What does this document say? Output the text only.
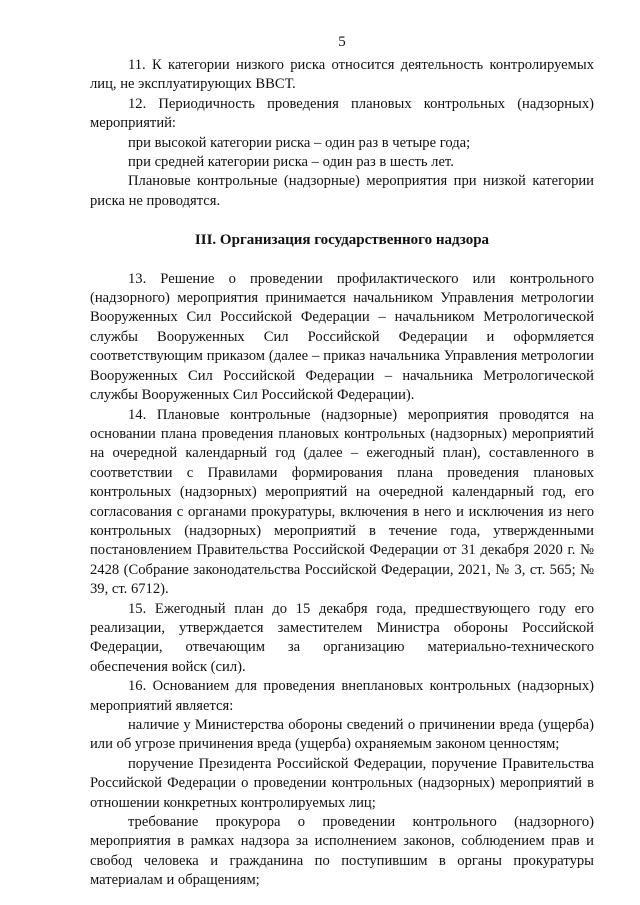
5

11. К категории низкого риска относится деятельность контролируемых лиц, не эксплуатирующих ВВСТ.

12. Периодичность проведения плановых контрольных (надзорных) мероприятий:

при высокой категории риска – один раз в четыре года;

при средней категории риска – один раз в шесть лет.

Плановые контрольные (надзорные) мероприятия при низкой категории риска не проводятся.

III. Организация государственного надзора

13. Решение о проведении профилактического или контрольного (надзорного) мероприятия принимается начальником Управления метрологии Вооруженных Сил Российской Федерации – начальником Метрологической службы Вооруженных Сил Российской Федерации и оформляется соответствующим приказом (далее – приказ начальника Управления метрологии Вооруженных Сил Российской Федерации – начальника Метрологической службы Вооруженных Сил Российской Федерации).

14. Плановые контрольные (надзорные) мероприятия проводятся на основании плана проведения плановых контрольных (надзорных) мероприятий на очередной календарный год (далее – ежегодный план), составленного в соответствии с Правилами формирования плана проведения плановых контрольных (надзорных) мероприятий на очередной календарный год, его согласования с органами прокуратуры, включения в него и исключения из него контрольных (надзорных) мероприятий в течение года, утвержденными постановлением Правительства Российской Федерации от 31 декабря 2020 г. № 2428 (Собрание законодательства Российской Федерации, 2021, № 3, ст. 565; № 39, ст. 6712).

15. Ежегодный план до 15 декабря года, предшествующего году его реализации, утверждается заместителем Министра обороны Российской Федерации, отвечающим за организацию материально-технического обеспечения войск (сил).

16. Основанием для проведения внеплановых контрольных (надзорных) мероприятий является:

наличие у Министерства обороны сведений о причинении вреда (ущерба) или об угрозе причинения вреда (ущерба) охраняемым законом ценностям;

поручение Президента Российской Федерации, поручение Правительства Российской Федерации о проведении контрольных (надзорных) мероприятий в отношении конкретных контролируемых лиц;

требование прокурора о проведении контрольного (надзорного) мероприятия в рамках надзора за исполнением законов, соблюдением прав и свобод человека и гражданина по поступившим в органы прокуратуры материалам и обращениям;
